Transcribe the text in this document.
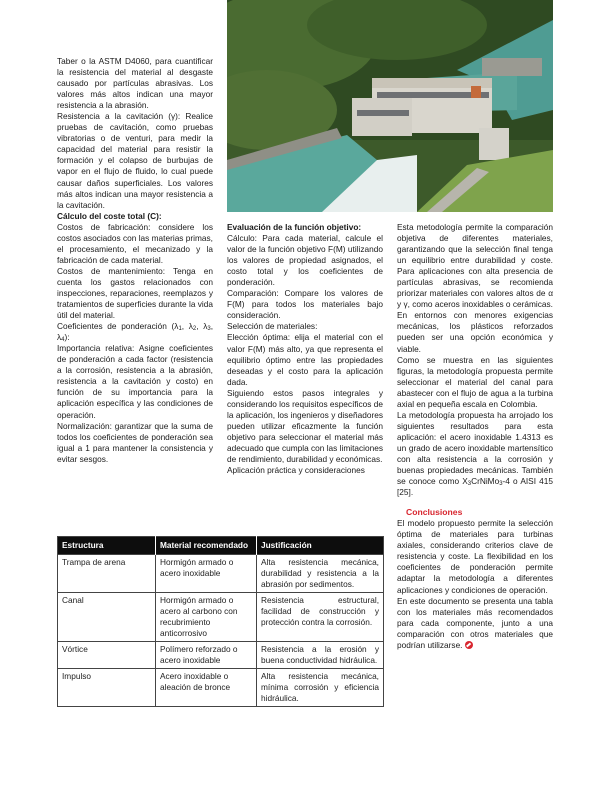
Taber o la ASTM D4060, para cuantificar la resistencia del material al desgaste causado por partículas abrasivas. Los valores más altos indican una mayor resistencia a la abrasión.

Resistencia a la cavitación (γ): Realice pruebas de cavitación, como pruebas vibratorias o de venturi, para medir la capacidad del material para resistir la formación y el colapso de burbujas de vapor en el flujo de fluido, lo cual puede causar daños superficiales. Los valores más altos indican una mayor resistencia a la cavitación.

Cálculo del coste total (C):

Costos de fabricación: considere los costos asociados con las materias primas, el procesamiento, el mecanizado y la fabricación de cada material.

Costos de mantenimiento: Tenga en cuenta los gastos relacionados con inspecciones, reparaciones, reemplazos y tratamientos de superficies durante la vida útil del material.

Coeficientes de ponderación ($\lambda_1$, $\lambda_2$, $\lambda_3$, $\lambda_4$):

Importancia relativa: Asigne coeficientes de ponderación a cada factor (resistencia a la corrosión, resistencia a la abrasión, resistencia a la cavitación y costo) en función de su importancia para la aplicación específica y las condiciones de operación.

Normalización: garantizar que la suma de todos los coeficientes de ponderación sea igual a 1 para mantener la consistencia y evitar sesgos.

Evaluación de la función objetivo:

Cálculo: Para cada material, calcule el valor de la función objetivo F(M) utilizando los valores de propiedad asignados, el costo total y los coeficientes de ponderación.

Comparación: Compare los valores de F(M) para todos los materiales bajo consideración.

Selección de materiales:

Elección óptima: elija el material con el valor F(M) más alto, ya que representa el equilibrio óptimo entre las propiedades deseadas y el costo para la aplicación dada.

Siguiendo estos pasos integrales y considerando los requisitos específicos de la aplicación, los ingenieros y diseñadores pueden utilizar eficazmente la función objetivo para seleccionar el material más adecuado que cumpla con las limitaciones de rendimiento, durabilidad y económicas.

Aplicación práctica y consideraciones

Esta metodología permite la comparación objetiva de diferentes materiales, garantizando que la selección final tenga un equilibrio entre durabilidad y coste. Para aplicaciones con alta presencia de partículas abrasivas, se recomienda priorizar materiales con valores altos de α y γ, como aceros inoxidables o cerámicas. En entornos con menores exigencias mecánicas, los plásticos reforzados pueden ser una opción económica y viable.

Como se muestra en las siguientes figuras, la metodología propuesta permite seleccionar el material del canal para abastecer con el flujo de agua a la turbina axial en pequeña escala en Colombia.

La metodología propuesta ha arrojado los siguientes resultados para esta aplicación: el acero inoxidable 1.4313 es un grado de acero inoxidable martensítico con alta resistencia a la corrosión y buenas propiedades mecánicas. También se conoce como $X_3CrNiMo_3-4$ o AISI 415 [25].

Conclusiones

El modelo propuesto permite la selección óptima de materiales para turbinas axiales, considerando criterios clave de resistencia y coste. La flexibilidad en los coeficientes de ponderación permite adaptar la metodología a diferentes aplicaciones y condiciones de operación.

En este documento se presenta una tabla con los materiales más recomendados para cada componente, junto a una comparación con otros materiales que podrían utilizarse.

Estructura	Material recomendado	Justificación
Trampa de arena	Hormigón armado o acero inoxidable	Alta resistencia mecánica, durabilidad y resistencia a la abrasión por sedimentos.
Canal	Hormigón armado o acero al carbono con recubrimiento anticorrosivo	Resistencia estructural, facilidad de construcción y protección contra la corrosión.
Vórtice	Polímero reforzado o acero inoxidable	Resistencia a la erosión y buena conductividad hidráulica.
Impulso	Acero inoxidable o aleación de bronce	Alta resistencia mecánica, mínima corrosión y eficiencia hidráulica.
